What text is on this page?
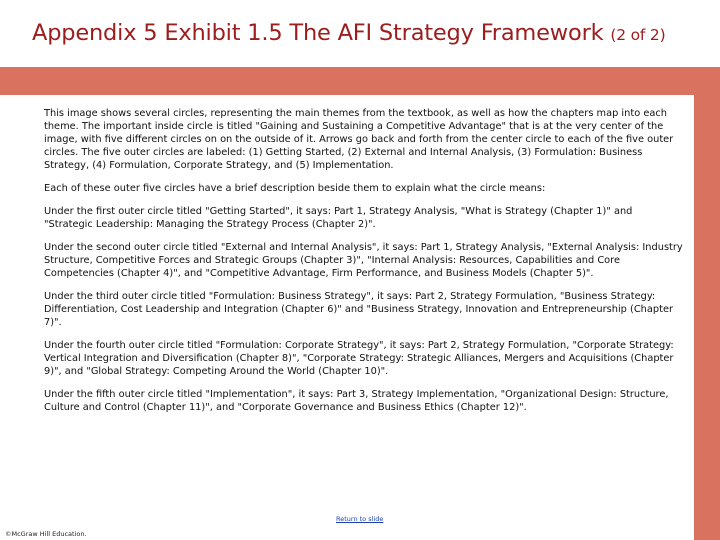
Appendix 5 Exhibit 1.5 The AFI Strategy Framework (2 of 2)

This image shows several circles, representing the main themes from the textbook, as well as how the chapters map into each theme. The important inside circle is titled "Gaining and Sustaining a Competitive Advantage" that is at the very center of the image, with five different circles on on the outside of it. Arrows go back and forth from the center circle to each of the five outer circles. The five outer circles are labeled: (1) Getting Started, (2) External and Internal Analysis, (3) Formulation: Business Strategy, (4) Formulation, Corporate Strategy, and (5) Implementation.

Each of these outer five circles have a brief description beside them to explain what the circle means:

Under the first outer circle titled "Getting Started", it says: Part 1, Strategy Analysis, "What is Strategy (Chapter 1)" and "Strategic Leadership: Managing the Strategy Process (Chapter 2)".

Under the second outer circle titled "External and Internal Analysis", it says: Part 1, Strategy Analysis, "External Analysis: Industry Structure, Competitive Forces and Strategic Groups (Chapter 3)", "Internal Analysis: Resources, Capabilities and Core Competencies (Chapter 4)", and "Competitive Advantage, Firm Performance, and Business Models (Chapter 5)".

Under the third outer circle titled "Formulation: Business Strategy", it says: Part 2, Strategy Formulation, "Business Strategy: Differentiation, Cost Leadership and Integration (Chapter 6)" and "Business Strategy, Innovation and Entrepreneurship (Chapter 7)".

Under the fourth outer circle titled "Formulation: Corporate Strategy", it says: Part 2, Strategy Formulation, "Corporate Strategy: Vertical Integration and Diversification (Chapter 8)", "Corporate Strategy: Strategic Alliances, Mergers and Acquisitions (Chapter 9)", and "Global Strategy: Competing Around the World (Chapter 10)".

Under the fifth outer circle titled "Implementation", it says: Part 3, Strategy Implementation, "Organizational Design: Structure, Culture and Control (Chapter 11)", and "Corporate Governance and Business Ethics (Chapter 12)".

Return to slide
©McGraw Hill Education.
